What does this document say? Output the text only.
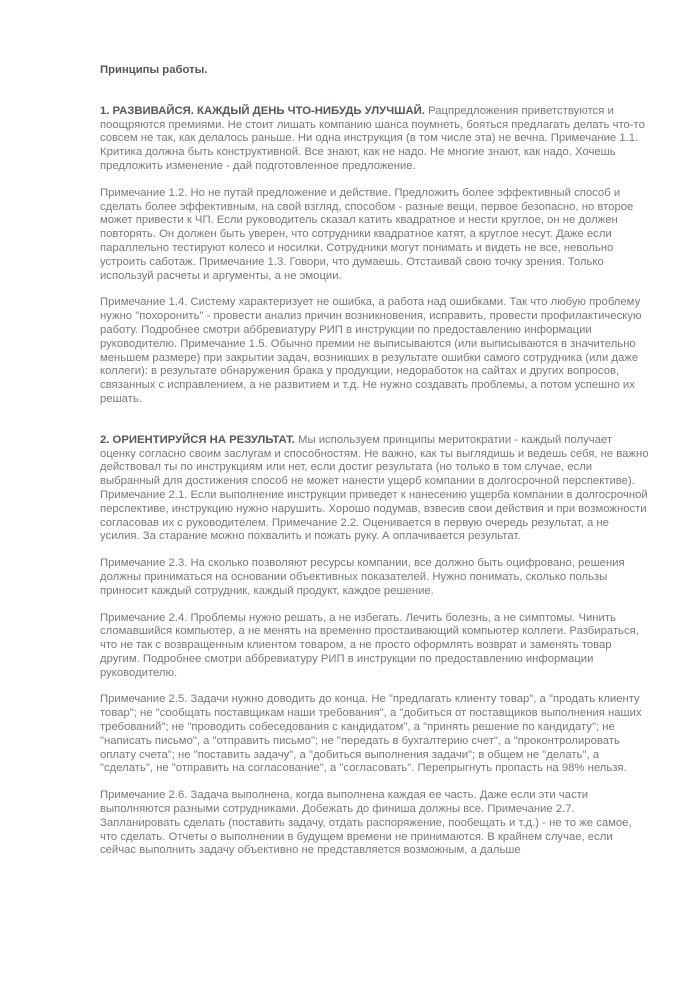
Принципы работы.

1. РАЗВИВАЙСЯ. КАЖДЫЙ ДЕНЬ ЧТО-НИБУДЬ УЛУЧШАЙ. Рацпредложения приветствуются и поощряются премиями. Не стоит лишать компанию шанса поумнеть, бояться предлагать делать что-то совсем не так, как делалось раньше. Ни одна инструкция (в том числе эта) не вечна. Примечание 1.1. Критика должна быть конструктивной. Все знают, как не надо. Не многие знают, как надо. Хочешь предложить изменение - дай подготовленное предложение.

Примечание 1.2. Но не путай предложение и действие. Предложить более эффективный способ и сделать более эффективным, на свой взгляд, способом - разные вещи, первое безопасно, но второе может привести к ЧП. Если руководитель сказал катить квадратное и нести круглое, он не должен повторять. Он должен быть уверен, что сотрудники квадратное катят, а круглое несут. Даже если параллельно тестируют колесо и носилки. Сотрудники могут понимать и видеть не все, невольно устроить саботаж. Примечание 1.3. Говори, что думаешь. Отстаивай свою точку зрения. Только используй расчеты и аргументы, а не эмоции.

Примечание 1.4. Систему характеризует не ошибка, а работа над ошибками. Так что любую проблему нужно "похоронить" - провести анализ причин возникновения, исправить, провести профилактическую работу. Подробнее смотри аббревиатуру РИП в инструкции по предоставлению информации руководителю. Примечание 1.5. Обычно премии не выписываются (или выписываются в значительно меньшем размере) при закрытии задач, возникших в результате ошибки самого сотрудника (или даже коллеги): в результате обнаружения брака у продукции, недоработок на сайтах и других вопросов, связанных с исправлением, а не развитием и т.д. Не нужно создавать проблемы, а потом успешно их решать.

2. ОРИЕНТИРУЙСЯ НА РЕЗУЛЬТАТ. Мы используем принципы меритократии - каждый получает оценку согласно своим заслугам и способностям. Не важно, как ты выглядишь и ведешь себя, не важно действовал ты по инструкциям или нет, если достиг результата (но только в том случае, если выбранный для достижения способ не может нанести ущерб компании в долгосрочной перспективе). Примечание 2.1. Если выполнение инструкции приведет к нанесению ущерба компании в долгосрочной перспективе, инструкцию нужно нарушить. Хорошо подумав, взвесив свои действия и при возможности согласовав их с руководителем. Примечание 2.2. Оценивается в первую очередь результат, а не усилия. За старание можно похвалить и пожать руку. А оплачивается результат.

Примечание 2.3. На сколько позволяют ресурсы компании, все должно быть оцифровано, решения должны приниматься на основании объективных показателей. Нужно понимать, сколько пользы приносит каждый сотрудник, каждый продукт, каждое решение.

Примечание 2.4. Проблемы нужно решать, а не избегать. Лечить болезнь, а не симптомы. Чинить сломавшийся компьютер, а не менять на временно простаивающий компьютер коллеги. Разбираться, что не так с возвращенным клиентом товаром, а не просто оформлять возврат и заменять товар другим. Подробнее смотри аббревиатуру РИП в инструкции по предоставлению информации руководителю.

Примечание 2.5. Задачи нужно доводить до конца. Не "предлагать клиенту товар", а "продать клиенту товар"; не "сообщать поставщикам наши требования", а "добиться от поставщиков выполнения наших требований"; не "проводить собеседования с кандидатом", а "принять решение по кандидату"; не "написать письмо", а "отправить письмо"; не "передать в бухгалтерию счет", а "проконтролировать оплату счета"; не "поставить задачу", а "добиться выполнения задачи"; в общем не "делать", а "сделать", не "отправить на согласование", а "согласовать". Перепрыгнуть пропасть на 98% нельзя.

Примечание 2.6. Задача выполнена, когда выполнена каждая ее часть. Даже если эти части выполняются разными сотрудниками. Добежать до финиша должны все. Примечание 2.7. Запланировать сделать (поставить задачу, отдать распоряжение, пообещать и т.д.) - не то же самое, что сделать. Отчеты о выполнении в будущем времени не принимаются. В крайнем случае, если сейчас выполнить задачу объективно не представляется возможным, а дальше
